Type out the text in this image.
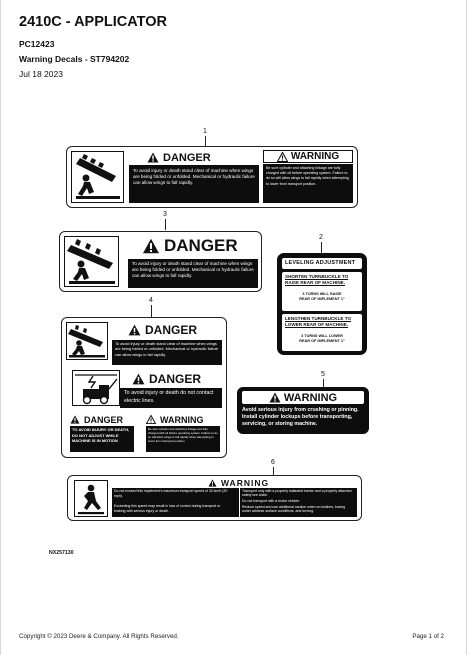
2410C - APPLICATOR
PC12423
Warning Decals - ST794202
Jul 18 2023
1
DANGER
To avoid injury or death stand clear of machine when wings are being folded or unfolded. Mechanical or hydraulic failure can allow wings to fall rapidly.
WARNING
Be sure cylinder and attaching linkage are fully charged with oil before operating system. Failure to do so will allow wings to fall rapidly when attempting to lower from transport position.
3
DANGER
To avoid injury or death stand clear of machine when wings are being folded or unfolded. Mechanical or hydraulic failure can allow wings to fall rapidly.
2
LEVELING ADJUSTMENT
SHORTEN TURNBUCKLE TO RAISE REAR OF MACHINE.
3 TURNS WILL RAISE
REAR OF IMPLEMENT 1"
LENGTHEN TURNBUCKLE TO LOWER REAR OF MACHINE.
3 TURNS WILL LOWER
REAR OF IMPLEMENT 1"
4
DANGER
To avoid injury or death stand clear of machine when wings are being folded or unfolded. Mechanical or hydraulic failure can allow wings to fall rapidly.
DANGER
To avoid injury or death do not contact electric lines.
DANGER
TO AVOID INJURY OR DEATH, DO NOT ADJUST WHILE MACHINE IS IN MOTION
WARNING
Be sure cylinder and attaching linkage are fully charged with oil before operating system. Failure to do so will allow wings to fall rapidly when attempting to lower from transport position.
5
WARNING
Avoid serious injury from crushing or pinning. Install cylinder lockups before transporting, servicing, or storing machine.
6
WARNING
Do not exceed this implement's maximum transport speed of 32 km/h (20 mph).
Exceeding this speed may result in loss of control during transport or braking with serious injury or death.
Transport only with a properly ballasted tractor and a properly attached safety tow chain.
Do not transport with a motor vehicle.
Reduce speed and use additional caution when on inclines, towing under adverse surface conditions, and turning.
NX257130
Copyright © 2023 Deere & Company. All Rights Reserved.	Page 1 of 2
